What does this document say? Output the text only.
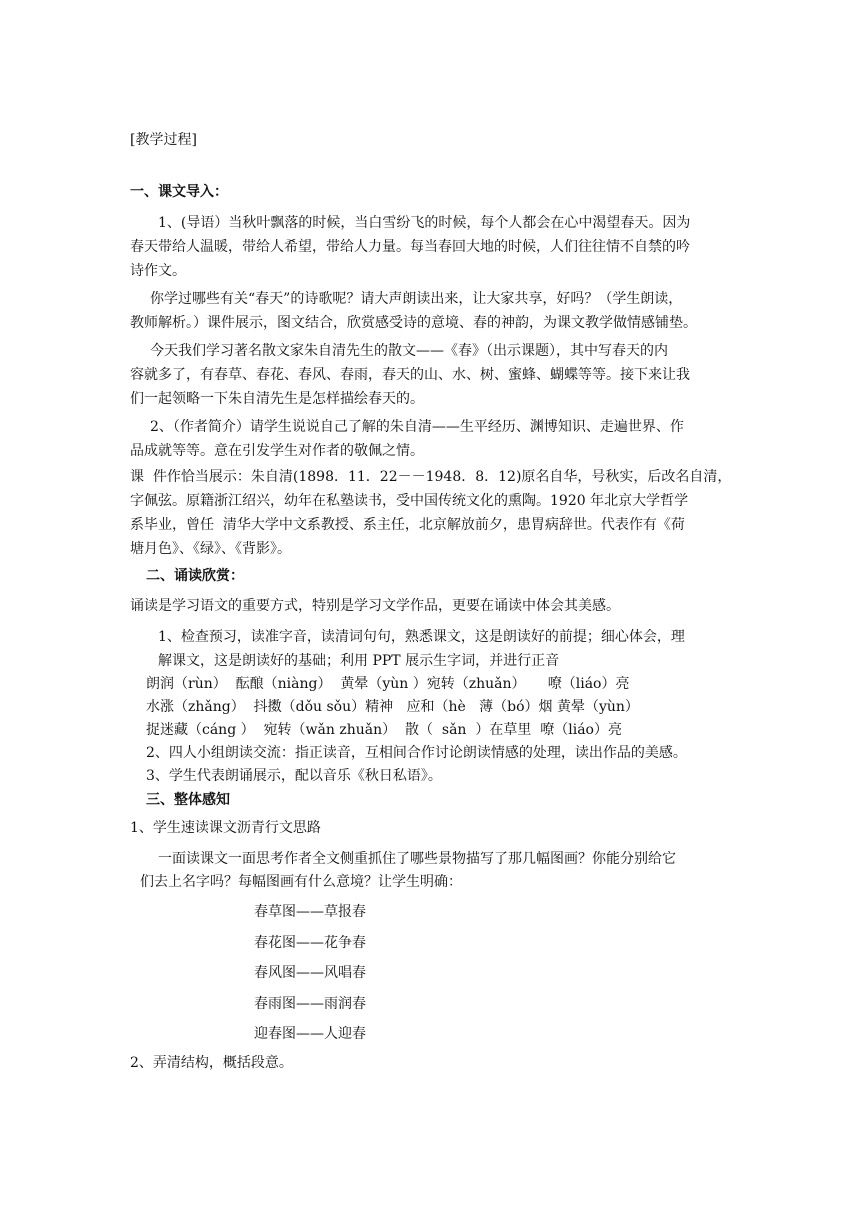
[教学过程]
一、课文导入：
1、(导语）当秋叶飘落的时候，当白雪纷飞的时候，每个人都会在心中渴望春天。因为
春天带给人温暖，带给人希望，带给人力量。每当春回大地的时候，人们往往情不自禁的吟
诗作文。
你学过哪些有关“春天”的诗歌呢？请大声朗读出来，让大家共享，好吗？（学生朗读，
教师解析。）课件展示，图文结合，欣赏感受诗的意境、春的神韵，为课文教学做情感铺垫。
今天我们学习著名散文家朱自清先生的散文——《春》（出示课题），其中写春天的内
容就多了，有春草、春花、春风、春雨，春天的山、水、树、蜜蜂、蝴蝶等等。接下来让我
们一起领略一下朱自清先生是怎样描绘春天的。
2、（作者简介）请学生说说自己了解的朱自清——生平经历、渊博知识、走遍世界、作
品成就等等。意在引发学生对作者的敬佩之情。
课  件作恰当展示：朱自清(1898．11．22－－1948．8．12)原名自华，号秋实，后改名自清，
字佩弦。原籍浙江绍兴，幼年在私塾读书，受中国传统文化的熏陶。1920 年北京大学哲学
系毕业，曾任  清华大学中文系教授、系主任，北京解放前夕，患胃病辞世。代表作有《荷
塘月色》、《绿》、《背影》。
二、诵读欣赏：
诵读是学习语文的重要方式，特别是学习文学作品，更要在诵读中体会其美感。
1、检查预习，读准字音，读清词句句，熟悉课文，这是朗读好的前提；细心体会，理
解课文，这是朗读好的基础；利用 PPT 展示生字词，并进行正音
朗润（rùn）  酝酿（niàng）  黄晕（yùn ）宛转（zhuǎn）     嘹（liáo）亮
水涨（zhǎng）  抖擞（dǒu sǒu）精神   应和（hè   薄（bó）烟 黄晕（yùn）
捉迷藏（cáng ）  宛转（wǎn zhuǎn）  散（  sǎn  ）在草里  嘹（liáo）亮
2、四人小组朗读交流：指正读音，互相间合作讨论朗读情感的处理，读出作品的美感。
3、学生代表朗诵展示，配以音乐《秋日私语》。
三、整体感知
1、学生速读课文沥青行文思路
一面读课文一面思考作者全文侧重抓住了哪些景物描写了那几幅图画？你能分别给它
们去上名字吗？每幅图画有什么意境？让学生明确：
春草图——草报春
春花图——花争春
春风图——风唱春
春雨图——雨润春
迎春图——人迎春
2、弄清结构，概括段意。
